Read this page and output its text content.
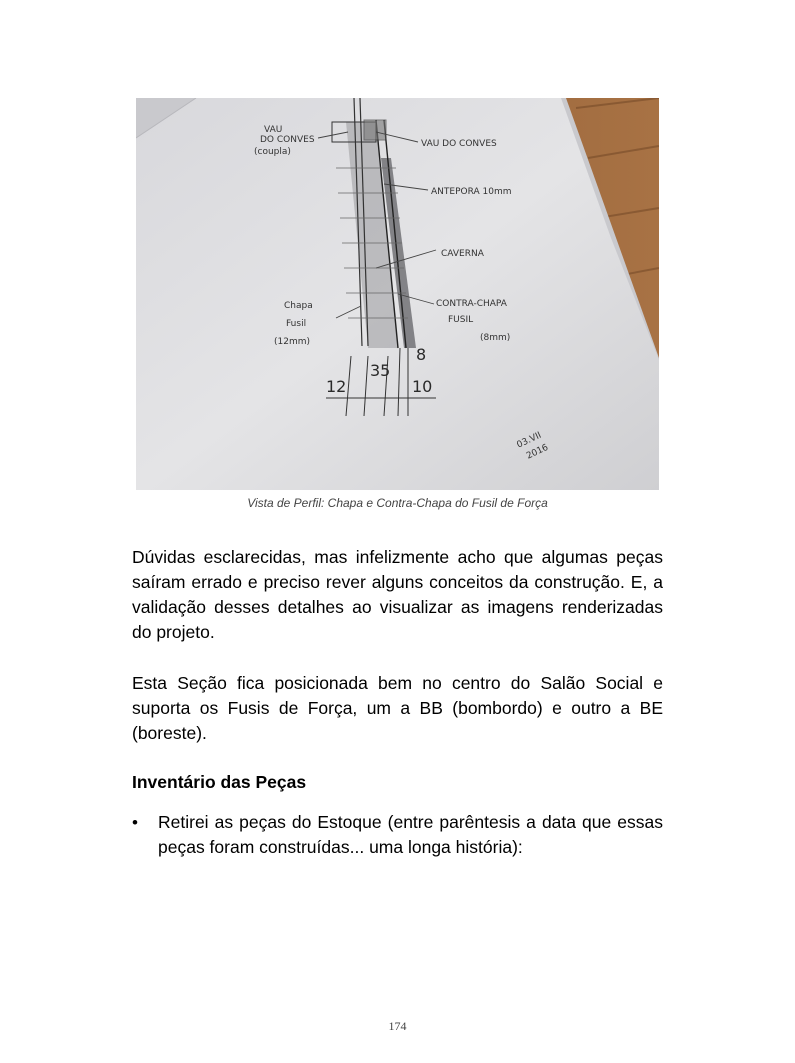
VAU
DO CONVES
(coupla)
VAU DO CONVES
ANTEPORA 10mm
CAVERNA
Chapa
Fusil
(12mm)
CONTRA-CHAPA
FUSIL
(8mm)
12
35
8
10
03.VII
2016
Vista de Perfil: Chapa e Contra-Chapa do Fusil de Força

Dúvidas esclarecidas, mas infelizmente acho que algumas peças saíram errado e preciso rever alguns conceitos da construção. E, a validação desses detalhes ao visualizar as imagens renderizadas do projeto.

Esta Seção fica posicionada bem no centro do Salão Social e suporta os Fusis de Força, um a BB (bombordo) e outro a BE (boreste).

Inventário das Peças
• Retirei as peças do Estoque (entre parêntesis a data que essas peças foram construídas... uma longa história):

174
